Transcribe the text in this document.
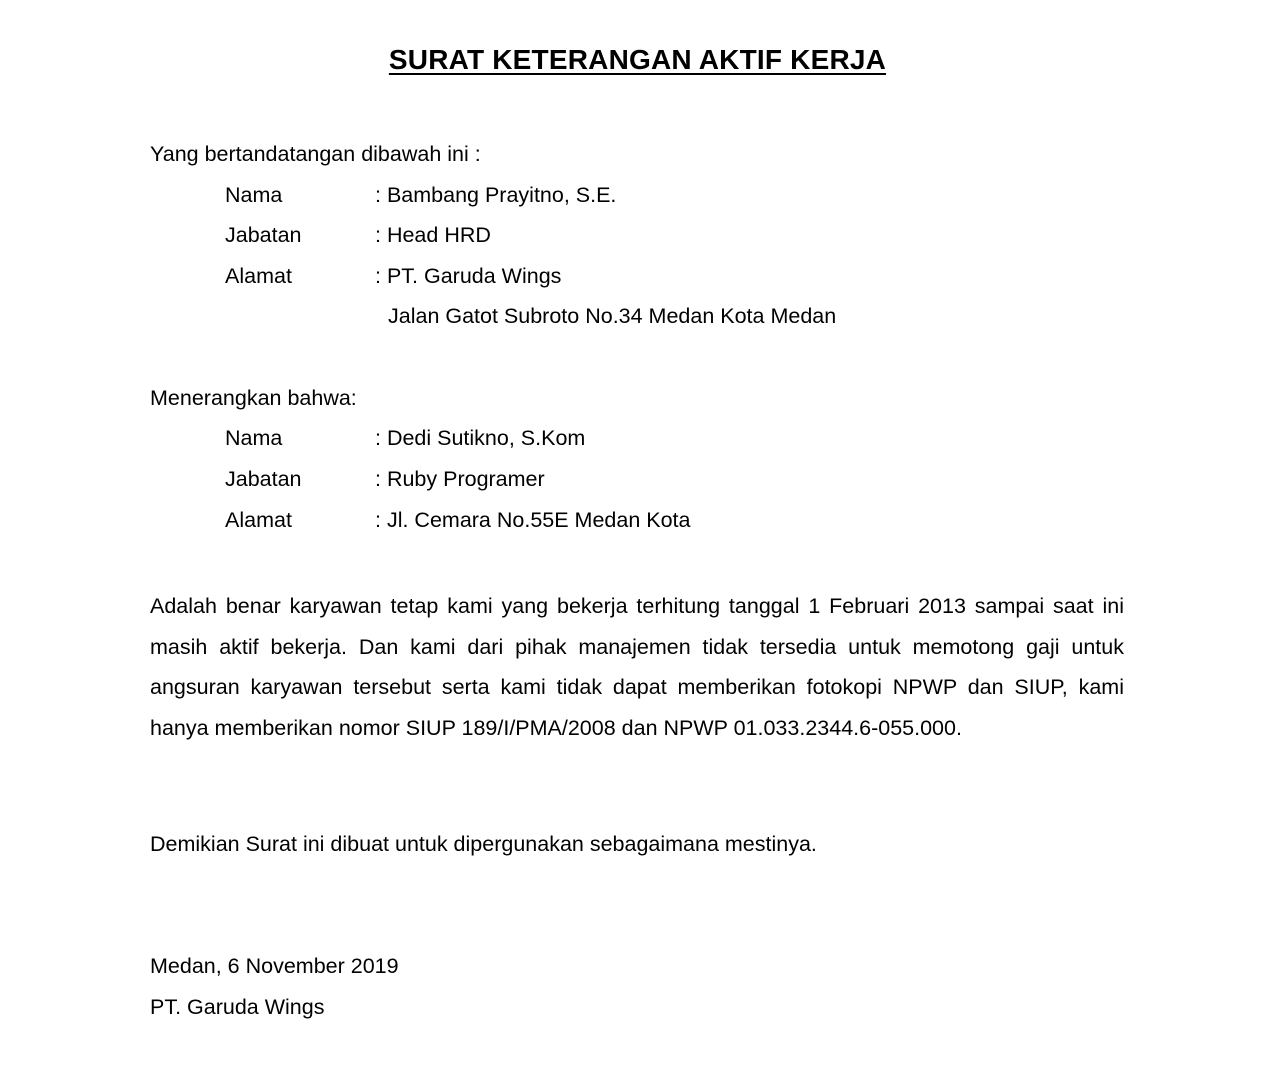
SURAT KETERANGAN AKTIF KERJA
Yang bertandatangan dibawah ini :
Nama	: Bambang Prayitno, S.E.
Jabatan	: Head HRD
Alamat	: PT. Garuda Wings
Jalan Gatot Subroto No.34 Medan Kota Medan
Menerangkan bahwa:
Nama	: Dedi Sutikno, S.Kom
Jabatan	: Ruby Programer
Alamat	: Jl. Cemara No.55E Medan Kota
Adalah benar karyawan tetap kami yang bekerja terhitung tanggal 1 Februari 2013 sampai saat ini masih aktif bekerja. Dan kami dari pihak manajemen tidak tersedia untuk memotong gaji untuk angsuran karyawan tersebut serta kami tidak dapat memberikan fotokopi NPWP dan SIUP, kami hanya memberikan nomor SIUP 189/I/PMA/2008 dan NPWP 01.033.2344.6-055.000.
Demikian Surat ini dibuat untuk dipergunakan sebagaimana mestinya.
Medan, 6 November 2019
PT. Garuda Wings
